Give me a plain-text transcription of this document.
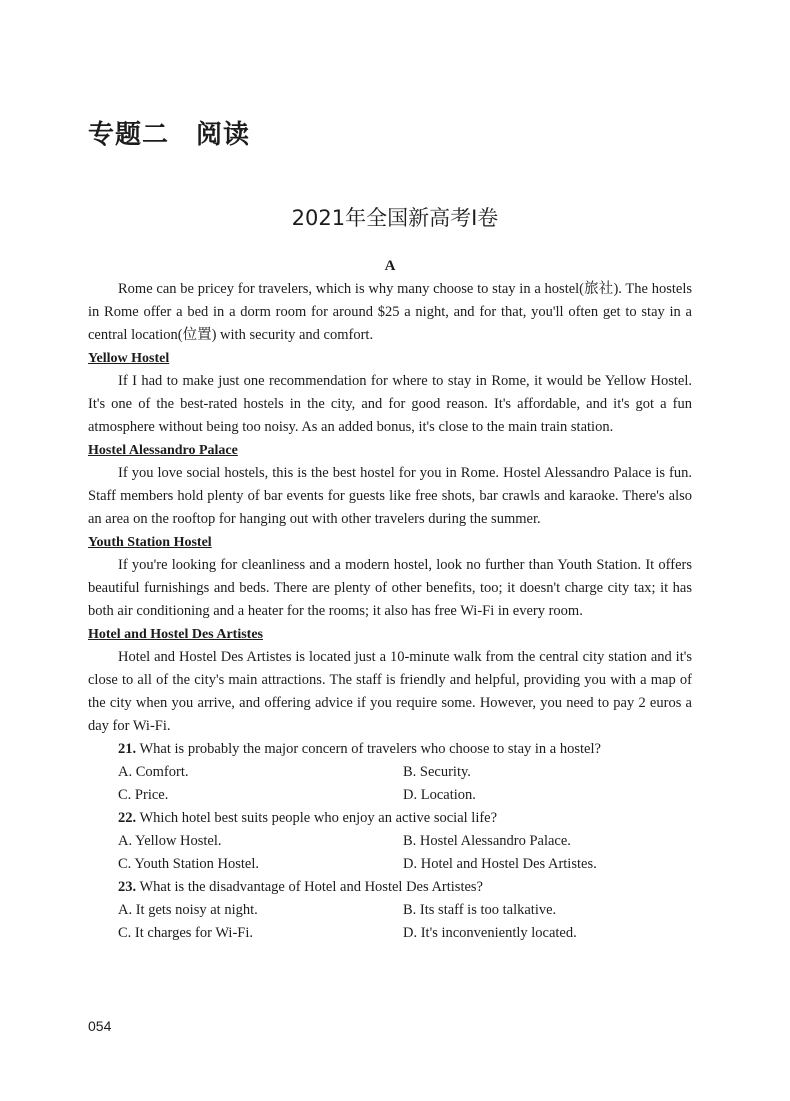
专题二　阅读
2021年全国新高考Ⅰ卷
A

Rome can be pricey for travelers, which is why many choose to stay in a hostel(旅社). The hostels in Rome offer a bed in a dorm room for around $25 a night, and for that, you'll often get to stay in a central location(位置) with security and comfort.

Yellow Hostel

If I had to make just one recommendation for where to stay in Rome, it would be Yellow Hostel. It's one of the best-rated hostels in the city, and for good reason. It's affordable, and it's got a fun atmosphere without being too noisy. As an added bonus, it's close to the main train station.

Hostel Alessandro Palace

If you love social hostels, this is the best hostel for you in Rome. Hostel Alessandro Palace is fun. Staff members hold plenty of bar events for guests like free shots, bar crawls and karaoke. There's also an area on the rooftop for hanging out with other travelers during the summer.

Youth Station Hostel

If you're looking for cleanliness and a modern hostel, look no further than Youth Station. It offers beautiful furnishings and beds. There are plenty of other benefits, too; it doesn't charge city tax; it has both air conditioning and a heater for the rooms; it also has free Wi-Fi in every room.

Hotel and Hostel Des Artistes

Hotel and Hostel Des Artistes is located just a 10-minute walk from the central city station and it's close to all of the city's main attractions. The staff is friendly and helpful, providing you with a map of the city when you arrive, and offering advice if you require some. However, you need to pay 2 euros a day for Wi-Fi.

21. What is probably the major concern of travelers who choose to stay in a hostel?

A. Comfort.	B. Security.

C. Price.	D. Location.

22. Which hotel best suits people who enjoy an active social life?

A. Yellow Hostel.	B. Hostel Alessandro Palace.

C. Youth Station Hostel.	D. Hotel and Hostel Des Artistes.

23. What is the disadvantage of Hotel and Hostel Des Artistes?

A. It gets noisy at night.	B. Its staff is too talkative.

C. It charges for Wi-Fi.	D. It's inconveniently located.

054
